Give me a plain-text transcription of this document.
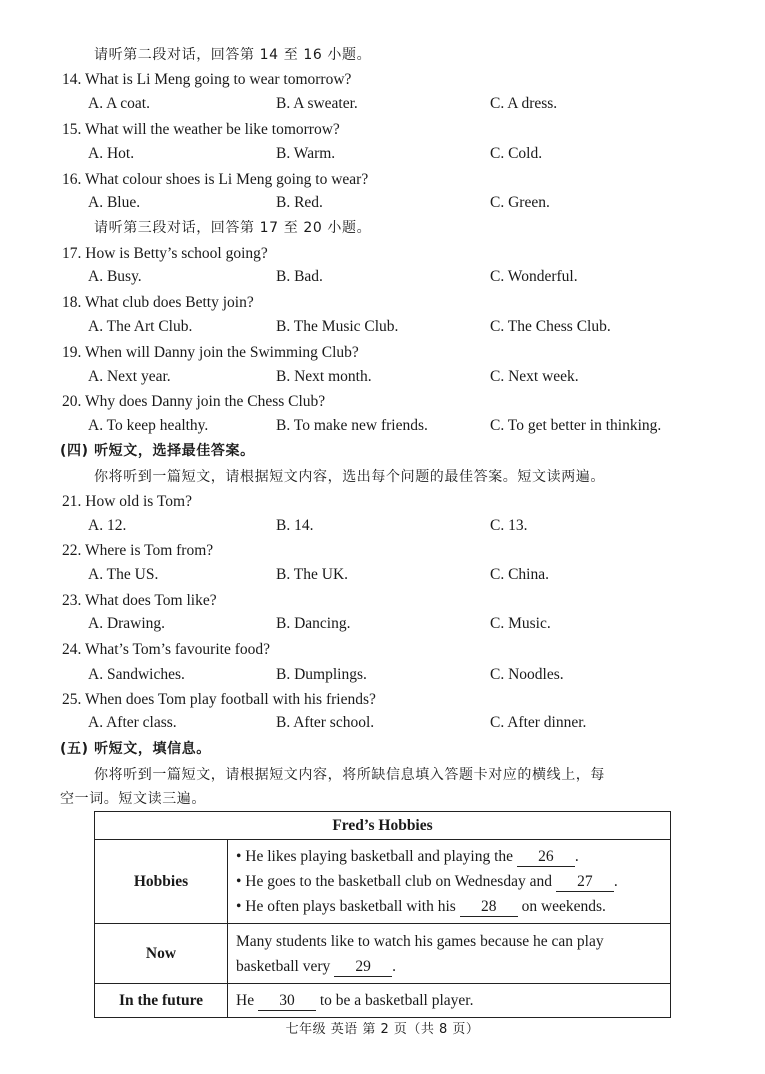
请听第二段对话，回答第 14 至 16 小题。
14. What is Li Meng going to wear tomorrow?
A. A coat.	B. A sweater.	C. A dress.
15. What will the weather be like tomorrow?
A. Hot.	B. Warm.	C. Cold.
16. What colour shoes is Li Meng going to wear?
A. Blue.	B. Red.	C. Green.
请听第三段对话，回答第 17 至 20 小题。
17. How is Betty’s school going?
A. Busy.	B. Bad.	C. Wonderful.
18. What club does Betty join?
A. The Art Club.	B. The Music Club.	C. The Chess Club.
19. When will Danny join the Swimming Club?
A. Next year.	B. Next month.	C. Next week.
20. Why does Danny join the Chess Club?
A. To keep healthy.	B. To make new friends.	C. To get better in thinking.
(四) 听短文，选择最佳答案。
你将听到一篇短文，请根据短文内容，选出每个问题的最佳答案。短文读两遍。
21. How old is Tom?
A. 12.	B. 14.	C. 13.
22. Where is Tom from?
A. The US.	B. The UK.	C. China.
23. What does Tom like?
A. Drawing.	B. Dancing.	C. Music.
24. What’s Tom’s favourite food?
A. Sandwiches.	B. Dumplings.	C. Noodles.
25. When does Tom play football with his friends?
A. After class.	B. After school.	C. After dinner.
(五) 听短文，填信息。
你将听到一篇短文，请根据短文内容，将所缺信息填入答题卡对应的横线上，每
空一词。短文读三遍。
Fred’s Hobbies	
Hobbies	• He likes playing basketball and playing the 26 .
• He goes to the basketball club on Wednesday and 27 .
• He often plays basketball with his 28 on weekends.

Now	Many students like to watch his games because he can play
basketball very 29 .

In the future	He 30 to be a basketball player.
七年级 英语 第 2 页（共 8 页）
